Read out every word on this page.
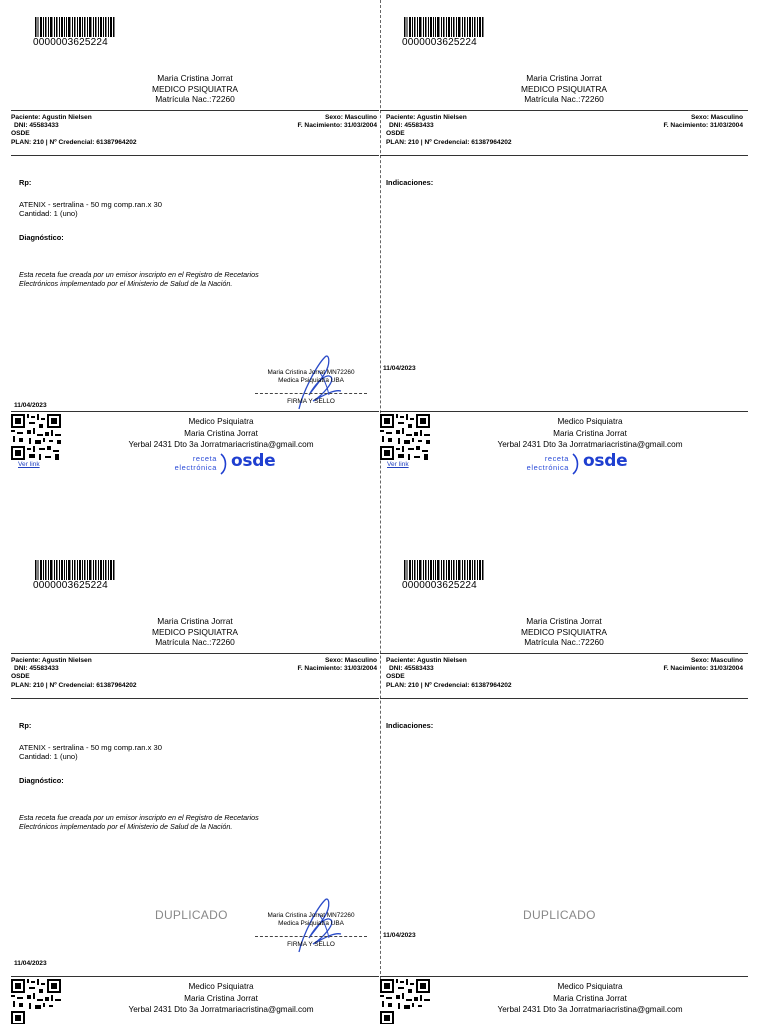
0000003625224
Maria Cristina Jorrat
MEDICO PSIQUIATRA
Matrícula Nac.:72260
Paciente: Agustin Nielsen	Sexo: Masculino
DNI: 45583433	F. Nacimiento: 31/03/2004
OSDE
PLAN: 210 | Nº Credencial: 61387964202
Rp:
ATENIX - sertralina - 50 mg comp.ran.x 30
Cantidad: 1 (uno)
Diagnóstico:
Esta receta fue creada por un emisor inscripto en el Registro de Recetarios
Electrónicos implementado por el Ministerio de Salud de la Nación.
Maria Cristina Jorrat MN72260
Medica Psiquiatra UBA
FIRMA Y SELLO
11/04/2023
Ver link
Medico Psiquiatra
Maria Cristina Jorrat
Yerbal 2431 Dto 3a Jorratmariacristina@gmail.com
receta
electrónica osde
0000003625224
Maria Cristina Jorrat
MEDICO PSIQUIATRA
Matrícula Nac.:72260
Paciente: Agustin Nielsen	Sexo: Masculino
DNI: 45583433	F. Nacimiento: 31/03/2004
OSDE
PLAN: 210 | Nº Credencial: 61387964202
Indicaciones:
11/04/2023
Ver link
Medico Psiquiatra
Maria Cristina Jorrat
Yerbal 2431 Dto 3a Jorratmariacristina@gmail.com
receta
electrónica osde
0000003625224
Maria Cristina Jorrat
MEDICO PSIQUIATRA
Matrícula Nac.:72260
Paciente: Agustin Nielsen	Sexo: Masculino
DNI: 45583433	F. Nacimiento: 31/03/2004
OSDE
PLAN: 210 | Nº Credencial: 61387964202
Rp:
ATENIX - sertralina - 50 mg comp.ran.x 30
Cantidad: 1 (uno)
Diagnóstico:
Esta receta fue creada por un emisor inscripto en el Registro de Recetarios
Electrónicos implementado por el Ministerio de Salud de la Nación.
DUPLICADO	Maria Cristina Jorrat MN72260
Medica Psiquiatra UBA
FIRMA Y SELLO
11/04/2023
Medico Psiquiatra
Maria Cristina Jorrat
Yerbal 2431 Dto 3a Jorratmariacristina@gmail.com
0000003625224
Maria Cristina Jorrat
MEDICO PSIQUIATRA
Matrícula Nac.:72260
Paciente: Agustin Nielsen	Sexo: Masculino
DNI: 45583433	F. Nacimiento: 31/03/2004
OSDE
PLAN: 210 | Nº Credencial: 61387964202
Indicaciones:
DUPLICADO
11/04/2023
Medico Psiquiatra
Maria Cristina Jorrat
Yerbal 2431 Dto 3a Jorratmariacristina@gmail.com
